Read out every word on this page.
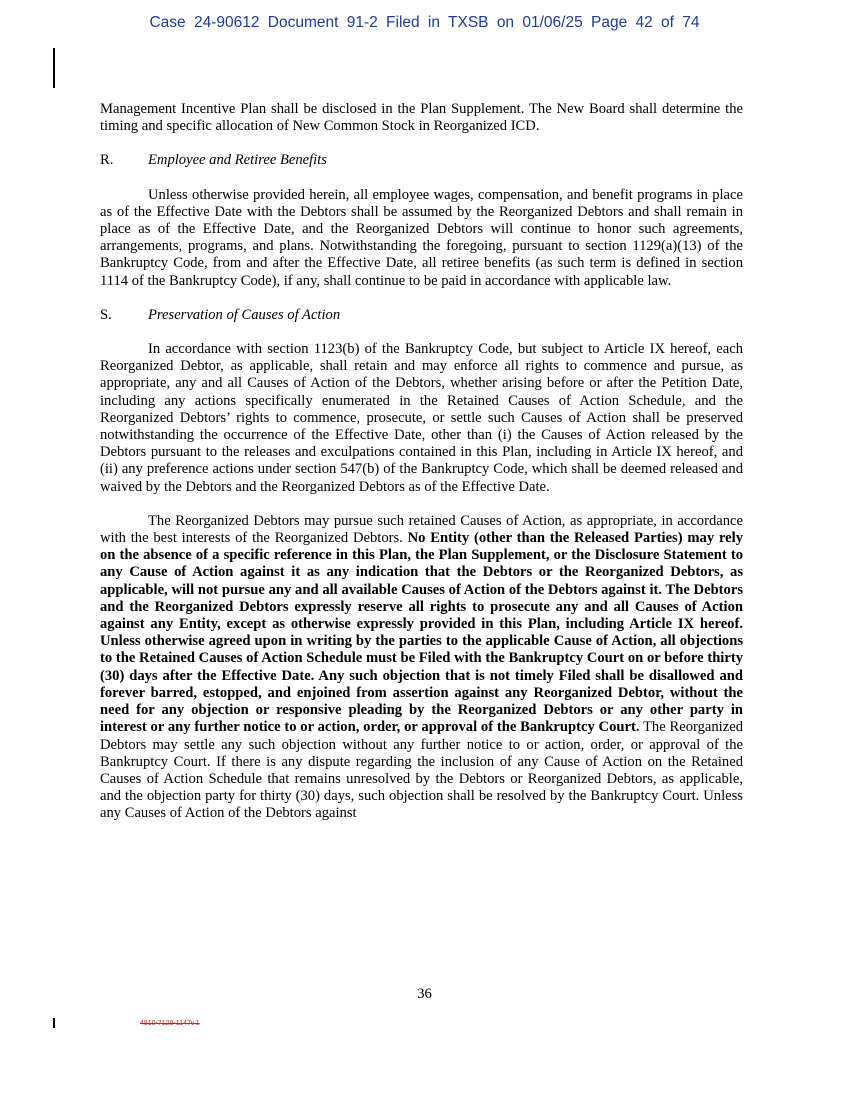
Case 24-90612 Document 91-2 Filed in TXSB on 01/06/25 Page 42 of 74

Management Incentive Plan shall be disclosed in the Plan Supplement. The New Board shall determine the timing and specific allocation of New Common Stock in Reorganized ICD.

R. Employee and Retiree Benefits

Unless otherwise provided herein, all employee wages, compensation, and benefit programs in place as of the Effective Date with the Debtors shall be assumed by the Reorganized Debtors and shall remain in place as of the Effective Date, and the Reorganized Debtors will continue to honor such agreements, arrangements, programs, and plans. Notwithstanding the foregoing, pursuant to section 1129(a)(13) of the Bankruptcy Code, from and after the Effective Date, all retiree benefits (as such term is defined in section 1114 of the Bankruptcy Code), if any, shall continue to be paid in accordance with applicable law.

S. Preservation of Causes of Action

In accordance with section 1123(b) of the Bankruptcy Code, but subject to Article IX hereof, each Reorganized Debtor, as applicable, shall retain and may enforce all rights to commence and pursue, as appropriate, any and all Causes of Action of the Debtors, whether arising before or after the Petition Date, including any actions specifically enumerated in the Retained Causes of Action Schedule, and the Reorganized Debtors’ rights to commence, prosecute, or settle such Causes of Action shall be preserved notwithstanding the occurrence of the Effective Date, other than (i) the Causes of Action released by the Debtors pursuant to the releases and exculpations contained in this Plan, including in Article IX hereof, and (ii) any preference actions under section 547(b) of the Bankruptcy Code, which shall be deemed released and waived by the Debtors and the Reorganized Debtors as of the Effective Date.

The Reorganized Debtors may pursue such retained Causes of Action, as appropriate, in accordance with the best interests of the Reorganized Debtors. No Entity (other than the Released Parties) may rely on the absence of a specific reference in this Plan, the Plan Supplement, or the Disclosure Statement to any Cause of Action against it as any indication that the Debtors or the Reorganized Debtors, as applicable, will not pursue any and all available Causes of Action of the Debtors against it. The Debtors and the Reorganized Debtors expressly reserve all rights to prosecute any and all Causes of Action against any Entity, except as otherwise expressly provided in this Plan, including Article IX hereof. Unless otherwise agreed upon in writing by the parties to the applicable Cause of Action, all objections to the Retained Causes of Action Schedule must be Filed with the Bankruptcy Court on or before thirty (30) days after the Effective Date. Any such objection that is not timely Filed shall be disallowed and forever barred, estopped, and enjoined from assertion against any Reorganized Debtor, without the need for any objection or responsive pleading by the Reorganized Debtors or any other party in interest or any further notice to or action, order, or approval of the Bankruptcy Court. The Reorganized Debtors may settle any such objection without any further notice to or action, order, or approval of the Bankruptcy Court. If there is any dispute regarding the inclusion of any Cause of Action on the Retained Causes of Action Schedule that remains unresolved by the Debtors or Reorganized Debtors, as applicable, and the objection party for thirty (30) days, such objection shall be resolved by the Bankruptcy Court. Unless any Causes of Action of the Debtors against

36
4910-7129-1147v.1
